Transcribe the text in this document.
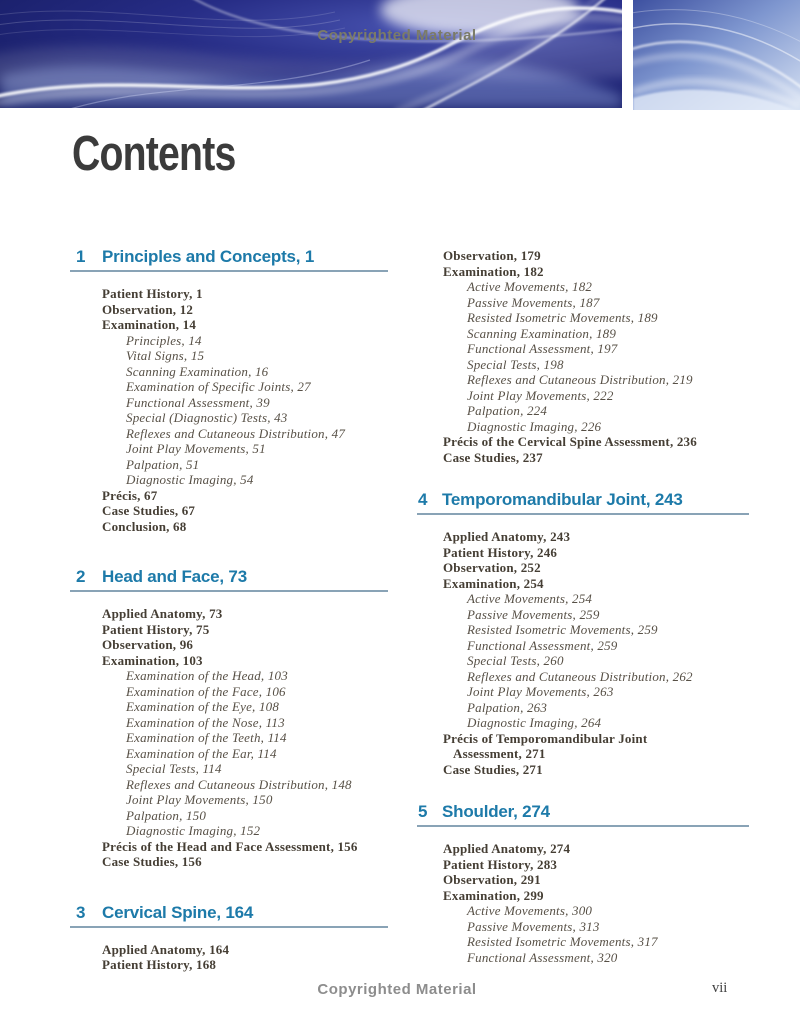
Copyrighted Material
Contents
1 Principles and Concepts, 1
Patient History, 1
Observation, 12
Examination, 14
Principles, 14
Vital Signs, 15
Scanning Examination, 16
Examination of Specific Joints, 27
Functional Assessment, 39
Special (Diagnostic) Tests, 43
Reflexes and Cutaneous Distribution, 47
Joint Play Movements, 51
Palpation, 51
Diagnostic Imaging, 54
Précis, 67
Case Studies, 67
Conclusion, 68
2 Head and Face, 73
Applied Anatomy, 73
Patient History, 75
Observation, 96
Examination, 103
Examination of the Head, 103
Examination of the Face, 106
Examination of the Eye, 108
Examination of the Nose, 113
Examination of the Teeth, 114
Examination of the Ear, 114
Special Tests, 114
Reflexes and Cutaneous Distribution, 148
Joint Play Movements, 150
Palpation, 150
Diagnostic Imaging, 152
Précis of the Head and Face Assessment, 156
Case Studies, 156
3 Cervical Spine, 164
Applied Anatomy, 164
Patient History, 168
Observation, 179
Examination, 182
Active Movements, 182
Passive Movements, 187
Resisted Isometric Movements, 189
Scanning Examination, 189
Functional Assessment, 197
Special Tests, 198
Reflexes and Cutaneous Distribution, 219
Joint Play Movements, 222
Palpation, 224
Diagnostic Imaging, 226
Précis of the Cervical Spine Assessment, 236
Case Studies, 237
4 Temporomandibular Joint, 243
Applied Anatomy, 243
Patient History, 246
Observation, 252
Examination, 254
Active Movements, 254
Passive Movements, 259
Resisted Isometric Movements, 259
Functional Assessment, 259
Special Tests, 260
Reflexes and Cutaneous Distribution, 262
Joint Play Movements, 263
Palpation, 263
Diagnostic Imaging, 264
Précis of Temporomandibular Joint
Assessment, 271
Case Studies, 271
5 Shoulder, 274
Applied Anatomy, 274
Patient History, 283
Observation, 291
Examination, 299
Active Movements, 300
Passive Movements, 313
Resisted Isometric Movements, 317
Functional Assessment, 320
Copyrighted Material	vii
